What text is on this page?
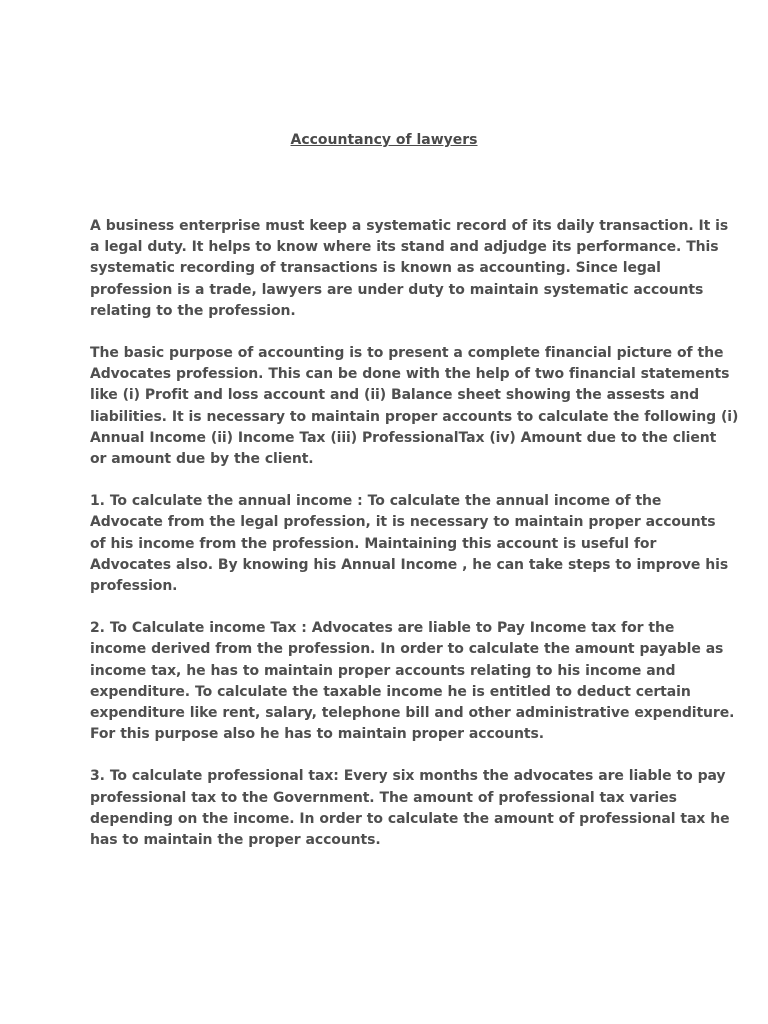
Accountancy of lawyers

A business enterprise must keep a systematic record of its daily transaction. It is
a legal duty. It helps to know where its stand and adjudge its performance. This
systematic recording of transactions is known as accounting. Since legal
profession is a trade, lawyers are under duty to maintain systematic accounts
relating to the profession.

The basic purpose of accounting is to present a complete financial picture of the
Advocates profession. This can be done with the help of two financial statements
like (i) Profit and loss account and (ii) Balance sheet showing the assests and
liabilities. It is necessary to maintain proper accounts to calculate the following (i)
Annual Income (ii) Income Tax (iii) ProfessionalTax (iv) Amount due to the client
or amount due by the client.

1. To calculate the annual income : To calculate the annual income of the
Advocate from the legal profession, it is necessary to maintain proper accounts
of his income from the profession. Maintaining this account is useful for
Advocates also. By knowing his Annual Income , he can take steps to improve his
profession.

2. To Calculate income Tax : Advocates are liable to Pay Income tax for the
income derived from the profession. In order to calculate the amount payable as
income tax, he has to maintain proper accounts relating to his income and
expenditure. To calculate the taxable income he is entitled to deduct certain
expenditure like rent, salary, telephone bill and other administrative expenditure.
For this purpose also he has to maintain proper accounts.

3. To calculate professional tax: Every six months the advocates are liable to pay
professional tax to the Government. The amount of professional tax varies
depending on the income. In order to calculate the amount of professional tax he
has to maintain the proper accounts.
